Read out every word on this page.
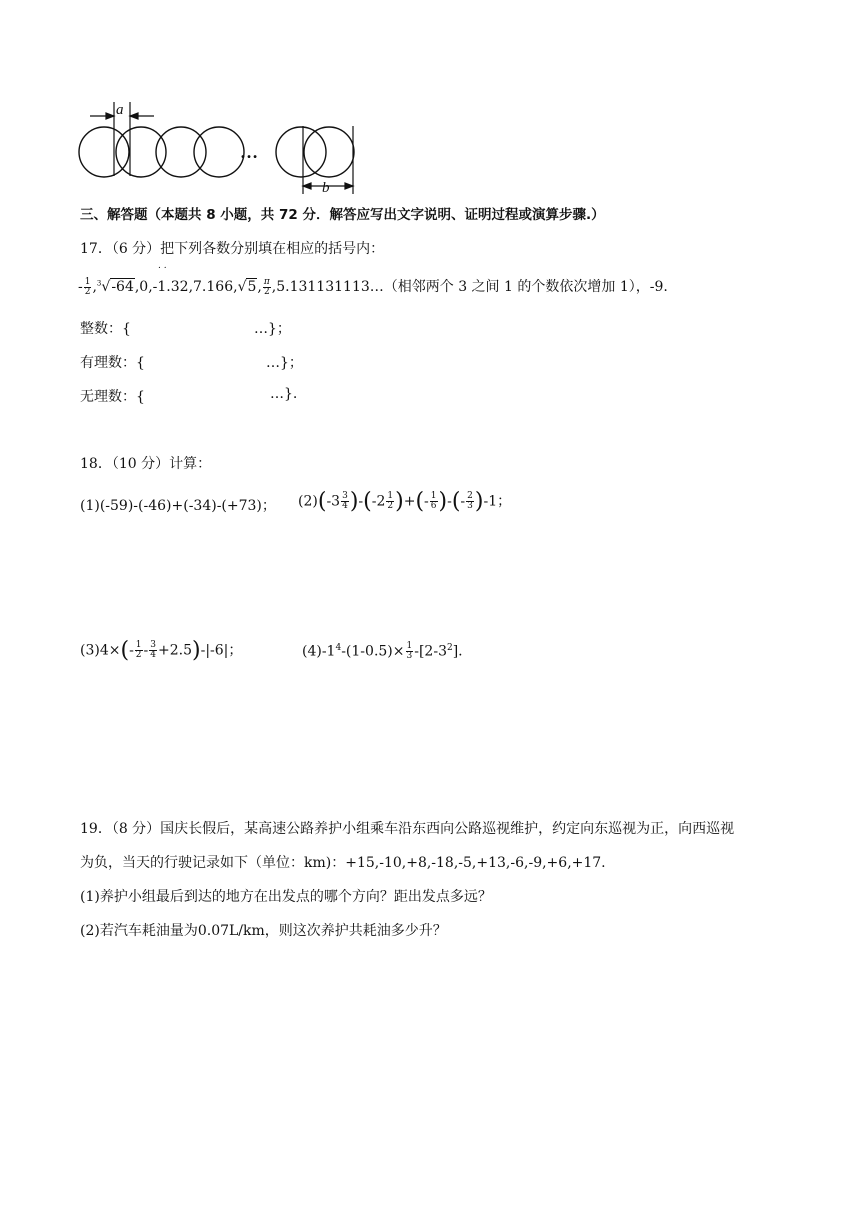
a
b
…
三、解答题（本题共 8 小题，共 72 分．解答应写出文字说明、证明过程或演算步骤.）
17．（6 分）把下列各数分别填在相应的括号内：
. .
- $\frac{1}{2} ,^3√-64,0,-1.32,7.166,√5$, $\frac{\pi}{2}$ ,5.131131113…（相邻两个 3 之间 1 的个数依次增加 1），-9.
整数：{	…}；
有理数：{	…}；
无理数：{	…}.
18．（10 分）计算：
(1)(-59)-(-46)+(-34)-(+73)； $(2)(-3 \frac{3}{4} )-(-2 \frac{1}{2}$ )+(- $\frac{1}{6}$ )-(- $\frac{2}{3} )-1$；
$(3)4\times(- \frac{1}{2} - \frac{3}{4} +2.5)-|-6|$；	$(4)-1^4-(1-0.5)\times \frac{1}{3} -[2-3^2]$.
19．（8 分）国庆长假后，某高速公路养护小组乘车沿东西向公路巡视维护，约定向东巡视为正，向西巡视
为负，当天的行驶记录如下（单位：km)：+15,-10,+8,-18,-5,+13,-6,-9,+6,+17.
(1)养护小组最后到达的地方在出发点的哪个方向？距出发点多远？
(2)若汽车耗油量为0.07L/km，则这次养护共耗油多少升？
